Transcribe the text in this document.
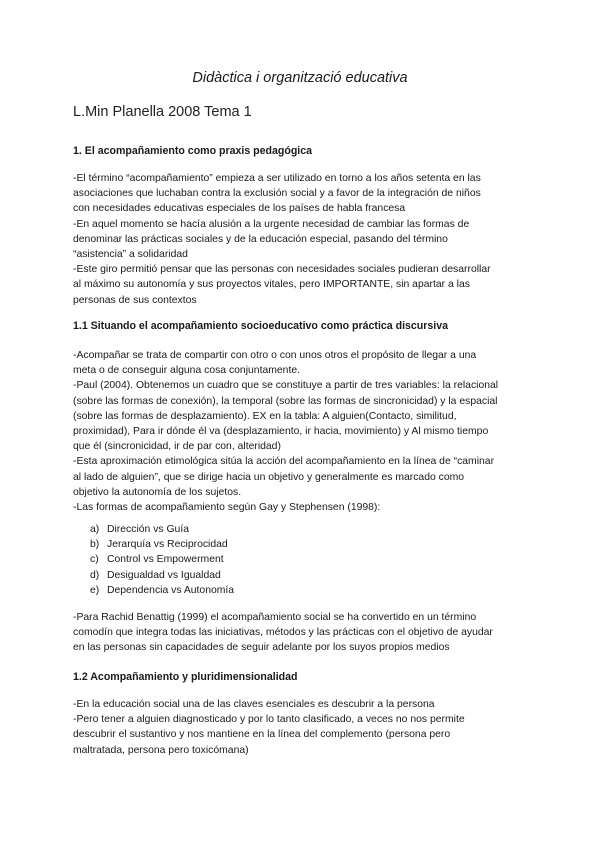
Didàctica i organització educativa
L.Min Planella 2008 Tema 1
1. El acompañamiento como praxis pedagógica
-El término “acompañamiento” empieza a ser utilizado en torno a los años setenta en las
asociaciones que luchaban contra la exclusión social y a favor de la integración de niños
con necesidades educativas especiales de los países de habla francesa
-En aquel momento se hacía alusión a la urgente necesidad de cambiar las formas de
denominar las prácticas sociales y de la educación especial, pasando del término
“asistencia” a solidaridad
-Este giro permitió pensar que las personas con necesidades sociales pudieran desarrollar
al máximo su autonomía y sus proyectos vitales, pero IMPORTANTE, sin apartar a las
personas de sus contextos
1.1 Situando el acompañamiento socioeducativo como práctica discursiva
-Acompañar se trata de compartir con otro o con unos otros el propósito de llegar a una
meta o de conseguir alguna cosa conjuntamente.
-Paul (2004). Obtenemos un cuadro que se constituye a partir de tres variables: la relacional
(sobre las formas de conexión), la temporal (sobre las formas de sincronicidad) y la espacial
(sobre las formas de desplazamiento). EX en la tabla: A alguien(Contacto, similitud,
proximidad), Para ir dónde él va (desplazamiento, ir hacia, movimiento) y Al mismo tiempo
que él (sincronicidad, ir de par con, alteridad)
-Esta aproximación etimológica sitúa la acción del acompañamiento en la línea de “caminar
al lado de alguien”, que se dirige hacia un objetivo y generalmente es marcado como
objetivo la autonomía de los sujetos.
-Las formas de acompañamiento según Gay y Stephensen (1998):
a) Dirección vs Guía
b) Jerarquía vs Reciprocidad
c) Control vs Empowerment
d) Desigualdad vs Igualdad
e) Dependencia vs Autonomía
-Para Rachid Benattig (1999) el acompañamiento social se ha convertido en un término
comodín que integra todas las iniciativas, métodos y las prácticas con el objetivo de ayudar
en las personas sin capacidades de seguir adelante por los suyos propios medios
1.2 Acompañamiento y pluridimensionalidad
-En la educación social una de las claves esenciales es descubrir a la persona
-Pero tener a alguien diagnosticado y por lo tanto clasificado, a veces no nos permite
descubrir el sustantivo y nos mantiene en la línea del complemento (persona pero
maltratada, persona pero toxicómana)
